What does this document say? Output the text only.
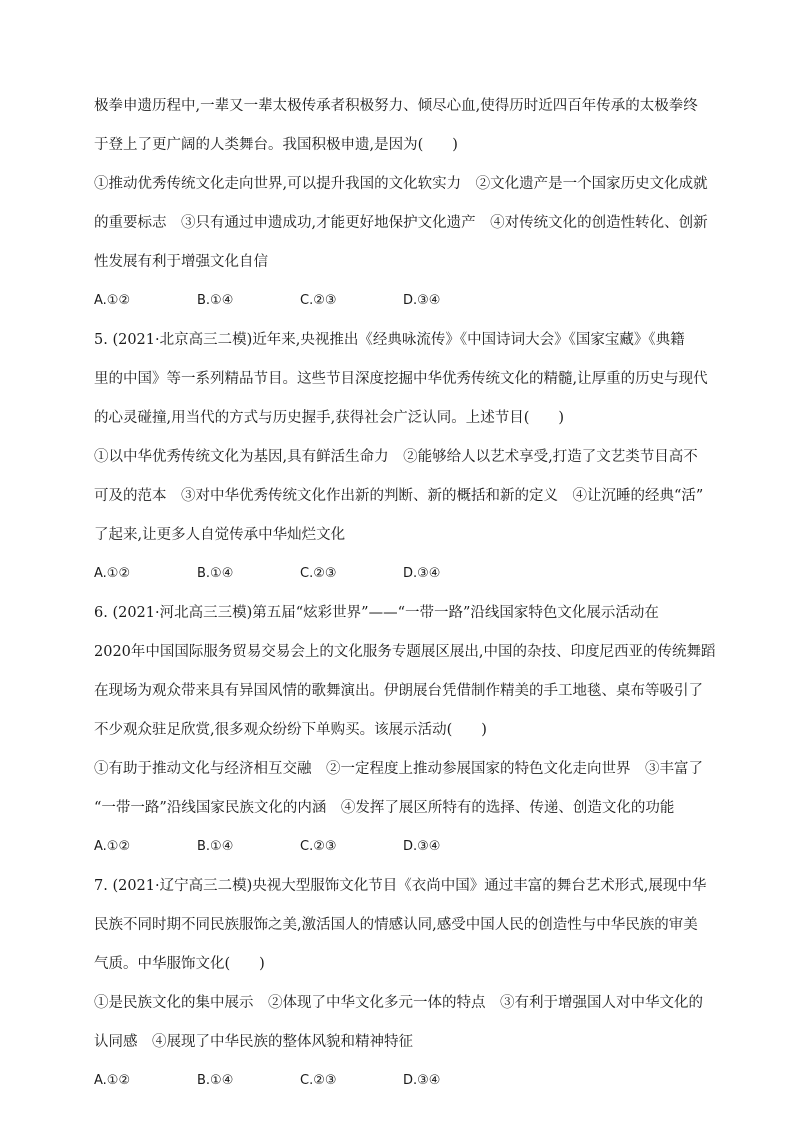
极拳申遗历程中,一辈又一辈太极传承者积极努力、倾尽心血,使得历时近四百年传承的太极拳终

于登上了更广阔的人类舞台。我国积极申遗,是因为(　　)

①推动优秀传统文化走向世界,可以提升我国的文化软实力　②文化遗产是一个国家历史文化成就

的重要标志　③只有通过申遗成功,才能更好地保护文化遗产　④对传统文化的创造性转化、创新

性发展有利于增强文化自信

A.①②	B.①④	C.②③	D.③④

5. (2021·北京高三二模)近年来,央视推出《经典咏流传》《中国诗词大会》《国家宝藏》《典籍

里的中国》等一系列精品节目。这些节目深度挖掘中华优秀传统文化的精髓,让厚重的历史与现代

的心灵碰撞,用当代的方式与历史握手,获得社会广泛认同。上述节目(　　)

①以中华优秀传统文化为基因,具有鲜活生命力　②能够给人以艺术享受,打造了文艺类节目高不

可及的范本　③对中华优秀传统文化作出新的判断、新的概括和新的定义　④让沉睡的经典“活”

了起来,让更多人自觉传承中华灿烂文化

A.①②	B.①④	C.②③	D.③④

6. (2021·河北高三三模)第五届“炫彩世界”——“一带一路”沿线国家特色文化展示活动在

2020年中国国际服务贸易交易会上的文化服务专题展区展出,中国的杂技、印度尼西亚的传统舞蹈

在现场为观众带来具有异国风情的歌舞演出。伊朗展台凭借制作精美的手工地毯、桌布等吸引了

不少观众驻足欣赏,很多观众纷纷下单购买。该展示活动(　　)

①有助于推动文化与经济相互交融　②一定程度上推动参展国家的特色文化走向世界　③丰富了

“一带一路”沿线国家民族文化的内涵　④发挥了展区所特有的选择、传递、创造文化的功能

A.①②	B.①④	C.②③	D.③④

7. (2021·辽宁高三二模)央视大型服饰文化节目《衣尚中国》通过丰富的舞台艺术形式,展现中华

民族不同时期不同民族服饰之美,激活国人的情感认同,感受中国人民的创造性与中华民族的审美

气质。中华服饰文化(　　)

①是民族文化的集中展示　②体现了中华文化多元一体的特点　③有利于增强国人对中华文化的

认同感　④展现了中华民族的整体风貌和精神特征

A.①②	B.①④	C.②③	D.③④
